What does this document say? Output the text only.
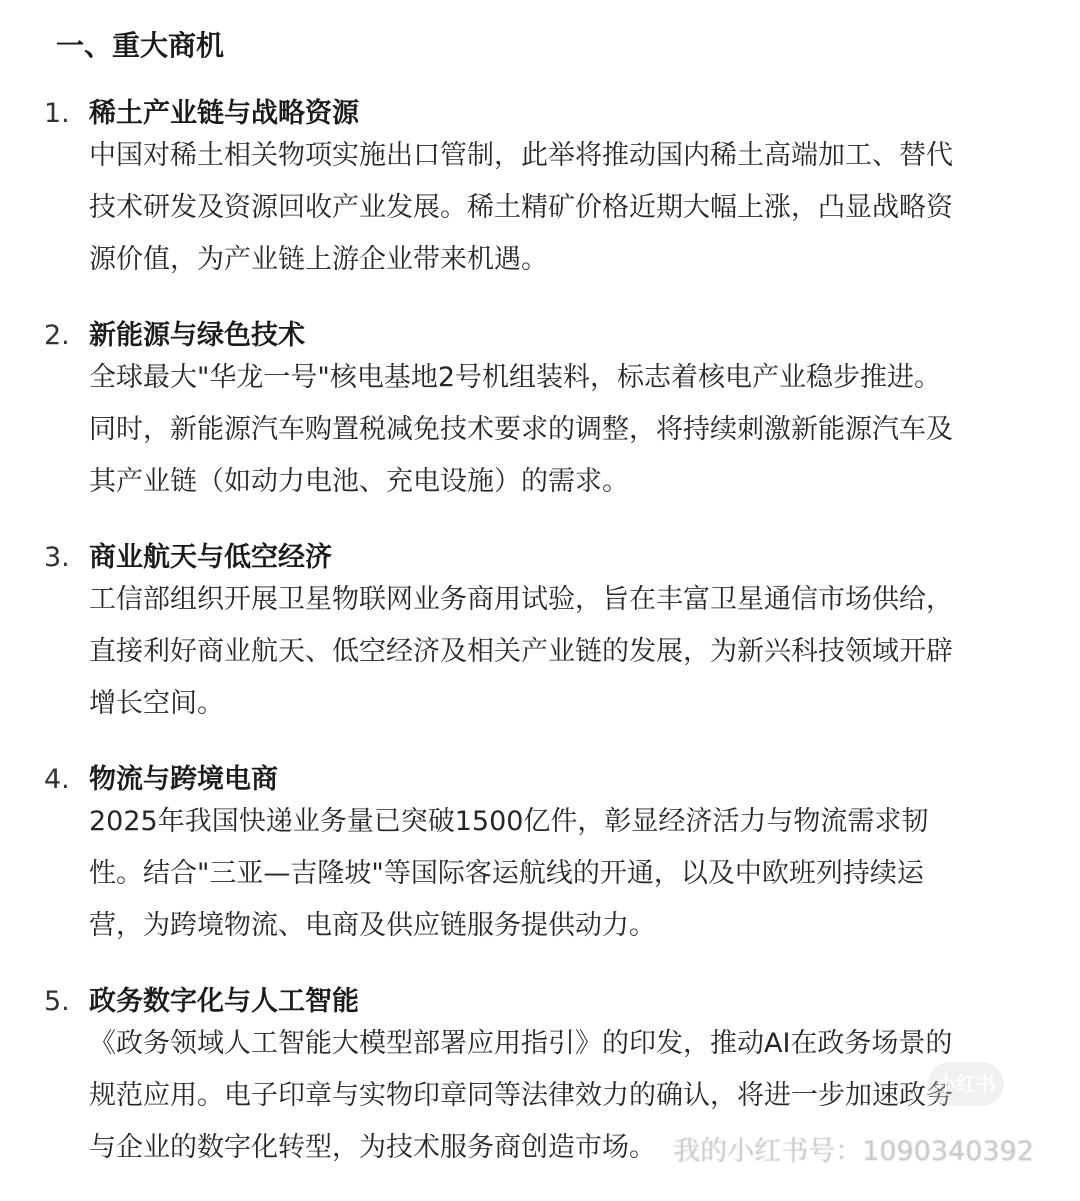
一、重大商机
1. 稀土产业链与战略资源

中国对稀土相关物项实施出口管制，此举将推动国内稀土高端加工、替代
技术研发及资源回收产业发展。稀土精矿价格近期大幅上涨，凸显战略资
源价值，为产业链上游企业带来机遇。

2. 新能源与绿色技术

全球最大"华龙一号"核电基地2号机组装料，标志着核电产业稳步推进。
同时，新能源汽车购置税减免技术要求的调整，将持续刺激新能源汽车及
其产业链（如动力电池、充电设施）的需求。

3. 商业航天与低空经济

工信部组织开展卫星物联网业务商用试验，旨在丰富卫星通信市场供给，
直接利好商业航天、低空经济及相关产业链的发展，为新兴科技领域开辟
增长空间。

4. 物流与跨境电商

2025年我国快递业务量已突破1500亿件，彰显经济活力与物流需求韧
性。结合"三亚—吉隆坡"等国际客运航线的开通，以及中欧班列持续运
营，为跨境物流、电商及供应链服务提供动力。

5. 政务数字化与人工智能

《政务领域人工智能大模型部署应用指引》的印发，推动AI在政务场景的
规范应用。电子印章与实物印章同等法律效力的确认，将进一步加速政务
与企业的数字化转型，为技术服务商创造市场。

小红书
我的小红书号：1090340392
